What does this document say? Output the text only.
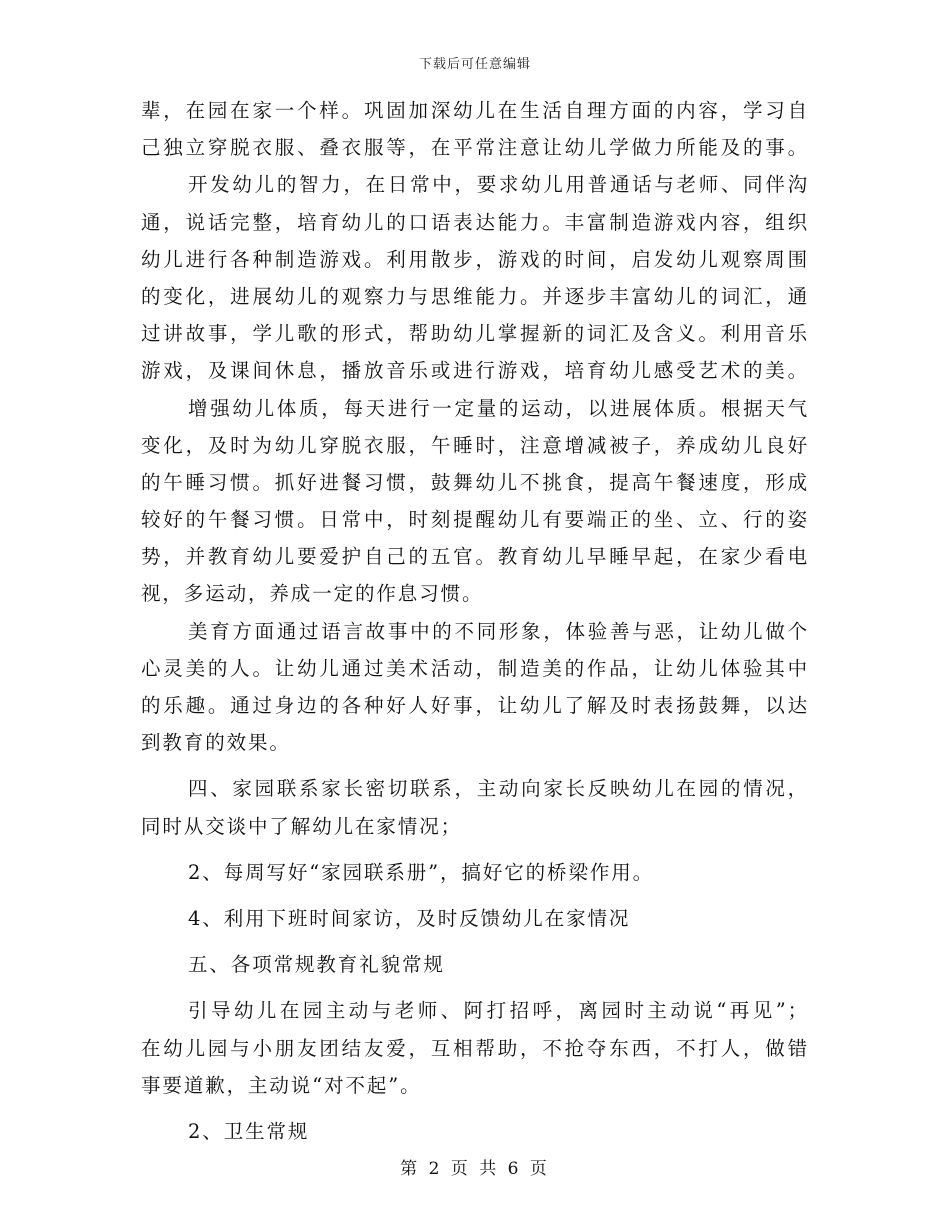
下载后可任意编辑
辈，在园在家一个样。巩固加深幼儿在生活自理方面的内容，学习自
己独立穿脱衣服、叠衣服等，在平常注意让幼儿学做力所能及的事。
开发幼儿的智力，在日常中，要求幼儿用普通话与老师、同伴沟
通，说话完整，培育幼儿的口语表达能力。丰富制造游戏内容，组织
幼儿进行各种制造游戏。利用散步，游戏的时间，启发幼儿观察周围
的变化，进展幼儿的观察力与思维能力。并逐步丰富幼儿的词汇，通
过讲故事，学儿歌的形式，帮助幼儿掌握新的词汇及含义。利用音乐
游戏，及课间休息，播放音乐或进行游戏，培育幼儿感受艺术的美。
增强幼儿体质，每天进行一定量的运动，以进展体质。根据天气
变化，及时为幼儿穿脱衣服，午睡时，注意增减被子，养成幼儿良好
的午睡习惯。抓好进餐习惯，鼓舞幼儿不挑食，提高午餐速度，形成
较好的午餐习惯。日常中，时刻提醒幼儿有要端正的坐、立、行的姿
势，并教育幼儿要爱护自己的五官。教育幼儿早睡早起，在家少看电
视，多运动，养成一定的作息习惯。
美育方面通过语言故事中的不同形象，体验善与恶，让幼儿做个
心灵美的人。让幼儿通过美术活动，制造美的作品，让幼儿体验其中
的乐趣。通过身边的各种好人好事，让幼儿了解及时表扬鼓舞，以达
到教育的效果。
四、家园联系家长密切联系，主动向家长反映幼儿在园的情况，
同时从交谈中了解幼儿在家情况；
2、每周写好“家园联系册”，搞好它的桥梁作用。
4、利用下班时间家访，及时反馈幼儿在家情况
五、各项常规教育礼貌常规
引导幼儿在园主动与老师、阿打招呼，离园时主动说“再见”；
在幼儿园与小朋友团结友爱，互相帮助，不抢夺东西，不打人，做错
事要道歉，主动说“对不起”。
2、卫生常规
第 2 页 共 6 页
